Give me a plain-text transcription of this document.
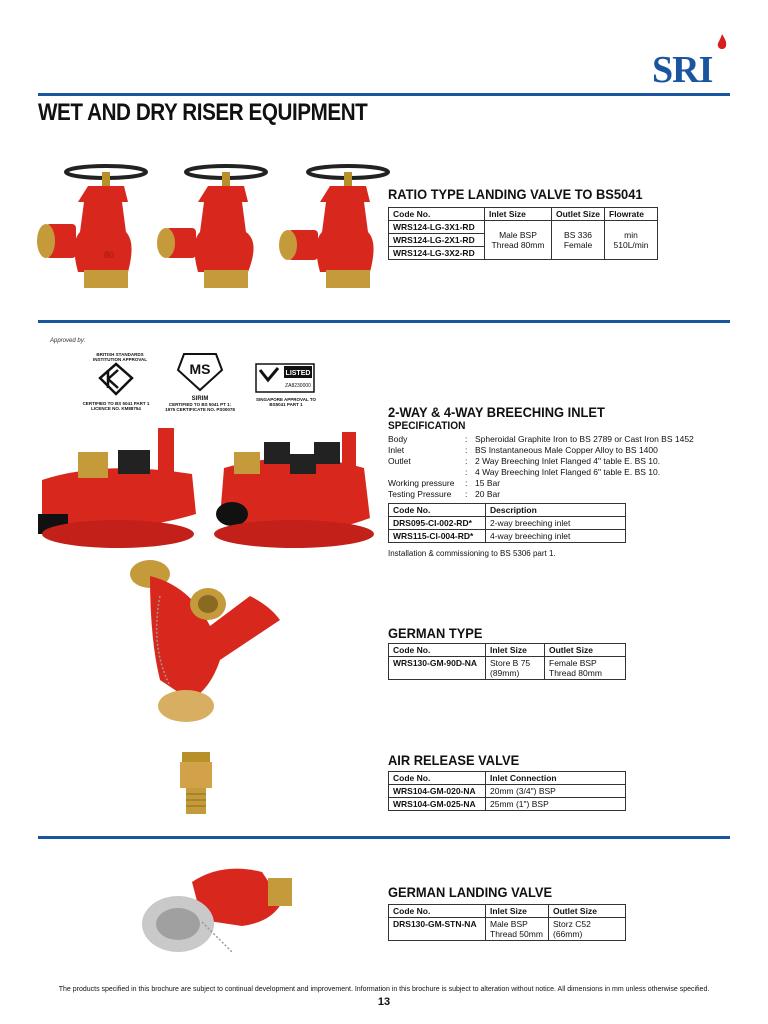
SRI
WET AND DRY RISER EQUIPMENT
80
RATIO TYPE LANDING VALVE TO BS5041
Code No.	Inlet Size	Outlet Size	Flowrate
WRS124-LG-3X1-RD	Male BSP Thread 80mm	BS 336 Female	min 510L/min
WRS124-LG-2X1-RD			
WRS124-LG-3X2-RD			
Approved by:
BRITISH STANDARDS INSTITUTION APPROVAL
CERTIFIED TO BS 5041 PART 1 LICENCE NO. KM88754
MS
SIRIM
CERTIFIED TO BS 5041 PT 1: 1975 CERTIFICATE NO. PS00078
LISTED
ZA8230000
SINGAPORE APPROVAL TO BS5041 PART 1	2-WAY & 4-WAY BREECHING INLET
SPECIFICATION
Body	: Spheroidal Graphite Iron to BS 2789 or Cast Iron BS 1452
Inlet	: BS Instantaneous Male Copper Alloy to BS 1400
Outlet	: 2 Way Breeching Inlet Flanged 4" table E. BS 10.
: 4 Way Breeching Inlet Flanged 6" table E. BS 10.
Working pressure	: 15 Bar
Testing Pressure	: 20 Bar
Code No.	Description
DRS095-CI-002-RD*	2-way breeching inlet
WRS115-CI-004-RD*	4-way breeching inlet
Installation & commissioning to BS 5306 part 1.
GERMAN TYPE
Code No.	Inlet Size	Outlet Size
WRS130-GM-90D-NA	Store B 75 (89mm)	Female BSP Thread 80mm
AIR RELEASE VALVE
Code No.	Inlet Connection
WRS104-GM-020-NA	20mm (3/4") BSP
WRS104-GM-025-NA	25mm (1") BSP
GERMAN LANDING VALVE
Code No.	Inlet Size	Outlet Size
DRS130-GM-STN-NA	Male BSP Thread 50mm	Storz C52 (66mm)
The products specified in this brochure are subject to continual development and improvement. Information in this brochure is subject to alteration without notice. All dimensions in mm unless otherwise specified.
13
